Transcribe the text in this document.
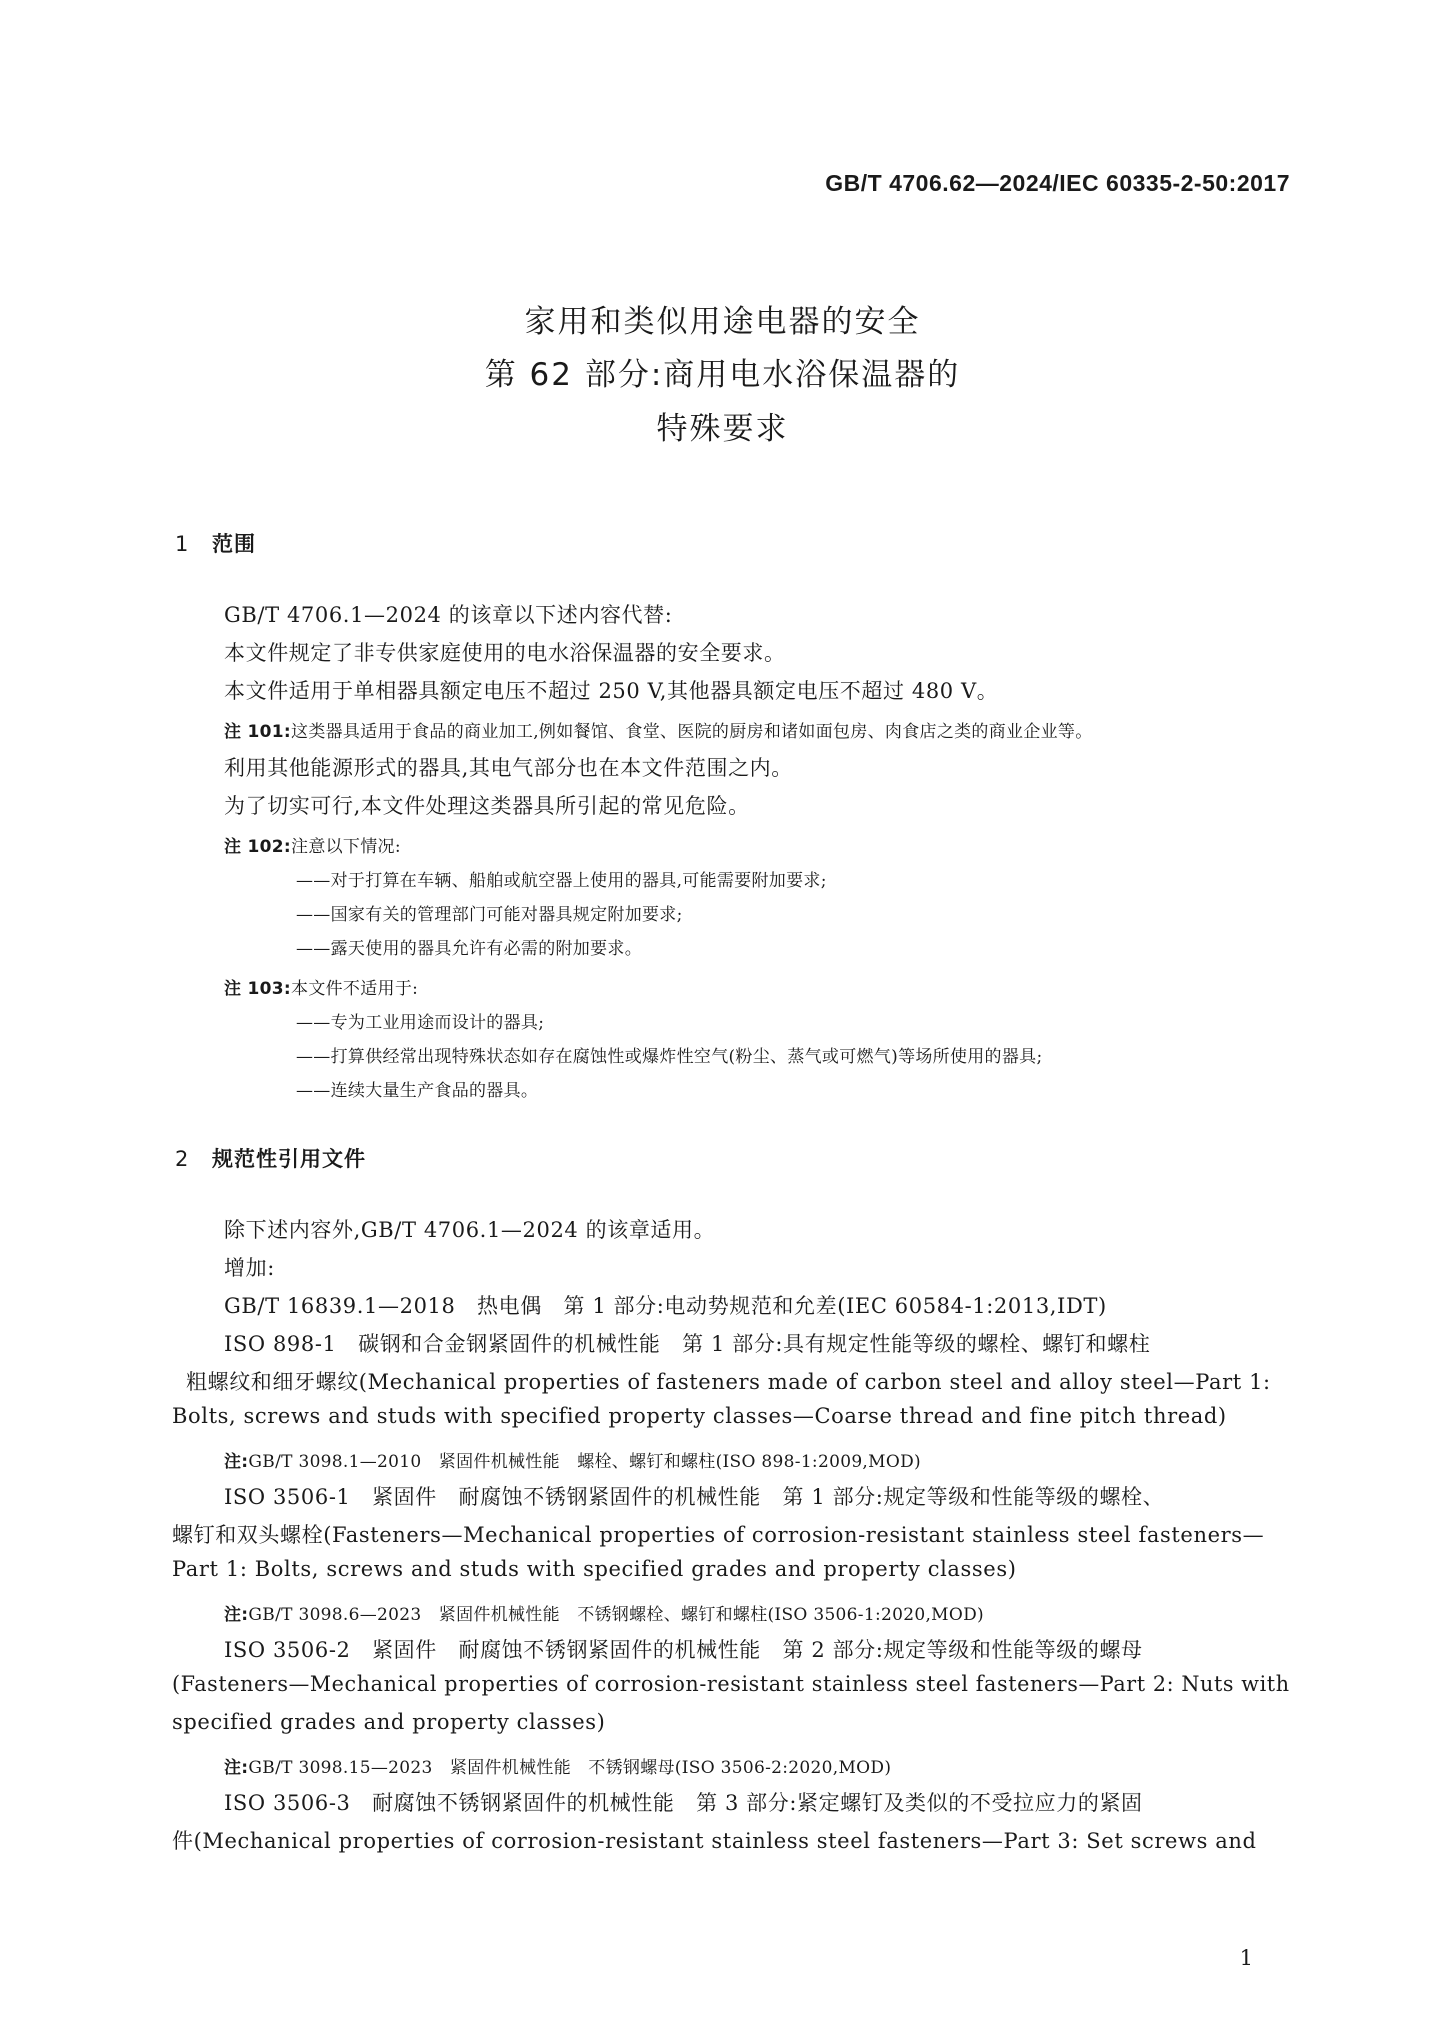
GB/T 4706.62—2024/IEC 60335-2-50:2017
家用和类似用途电器的安全
第 62 部分:商用电水浴保温器的
特殊要求
1 范围
GB/T 4706.1—2024 的该章以下述内容代替:
本文件规定了非专供家庭使用的电水浴保温器的安全要求。
本文件适用于单相器具额定电压不超过 250 V,其他器具额定电压不超过 480 V。
注 101:这类器具适用于食品的商业加工,例如餐馆、食堂、医院的厨房和诸如面包房、肉食店之类的商业企业等。
利用其他能源形式的器具,其电气部分也在本文件范围之内。
为了切实可行,本文件处理这类器具所引起的常见危险。
注 102:注意以下情况:
——对于打算在车辆、船舶或航空器上使用的器具,可能需要附加要求;
——国家有关的管理部门可能对器具规定附加要求;
——露天使用的器具允许有必需的附加要求。
注 103:本文件不适用于:
——专为工业用途而设计的器具;
——打算供经常出现特殊状态如存在腐蚀性或爆炸性空气(粉尘、蒸气或可燃气)等场所使用的器具;
——连续大量生产食品的器具。
2 规范性引用文件
除下述内容外,GB/T 4706.1—2024 的该章适用。
增加:
GB/T 16839.1—2018　热电偶　第 1 部分:电动势规范和允差(IEC 60584-1:2013,IDT)
ISO 898-1　碳钢和合金钢紧固件的机械性能　第 1 部分:具有规定性能等级的螺栓、螺钉和螺柱
粗螺纹和细牙螺纹(Mechanical properties of fasteners made of carbon steel and alloy steel—Part 1:
Bolts, screws and studs with specified property classes—Coarse thread and fine pitch thread)
注:GB/T 3098.1—2010　紧固件机械性能　螺栓、螺钉和螺柱(ISO 898-1:2009,MOD)
ISO 3506-1　紧固件　耐腐蚀不锈钢紧固件的机械性能　第 1 部分:规定等级和性能等级的螺栓、
螺钉和双头螺栓(Fasteners—Mechanical properties of corrosion-resistant stainless steel fasteners—
Part 1: Bolts, screws and studs with specified grades and property classes)
注:GB/T 3098.6—2023　紧固件机械性能　不锈钢螺栓、螺钉和螺柱(ISO 3506-1:2020,MOD)
ISO 3506-2　紧固件　耐腐蚀不锈钢紧固件的机械性能　第 2 部分:规定等级和性能等级的螺母
(Fasteners—Mechanical properties of corrosion-resistant stainless steel fasteners—Part 2: Nuts with
specified grades and property classes)
注:GB/T 3098.15—2023　紧固件机械性能　不锈钢螺母(ISO 3506-2:2020,MOD)
ISO 3506-3　耐腐蚀不锈钢紧固件的机械性能　第 3 部分:紧定螺钉及类似的不受拉应力的紧固
件(Mechanical properties of corrosion-resistant stainless steel fasteners—Part 3: Set screws and
1
